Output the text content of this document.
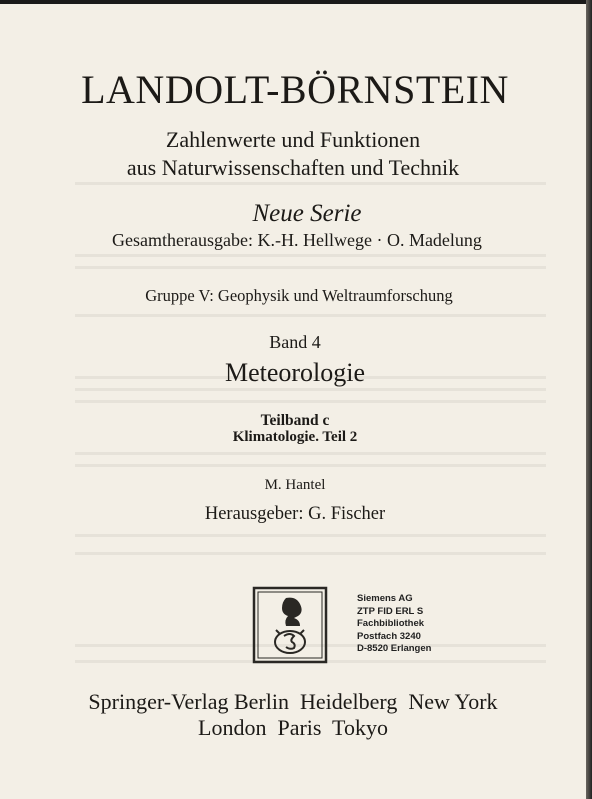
LANDOLT-BÖRNSTEIN
Zahlenwerte und Funktionen
aus Naturwissenschaften und Technik
Neue Serie
Gesamtherausgabe: K.-H. Hellwege · O. Madelung
Gruppe V: Geophysik und Weltraumforschung
Band 4
Meteorologie
Teilband c
Klimatologie. Teil 2
M. Hantel
Herausgeber: G. Fischer
Siemens AG
ZTP FID ERL S
Fachbibliothek
Postfach 3240
D-8520 Erlangen
Springer-Verlag Berlin  Heidelberg  New York
London  Paris  Tokyo
